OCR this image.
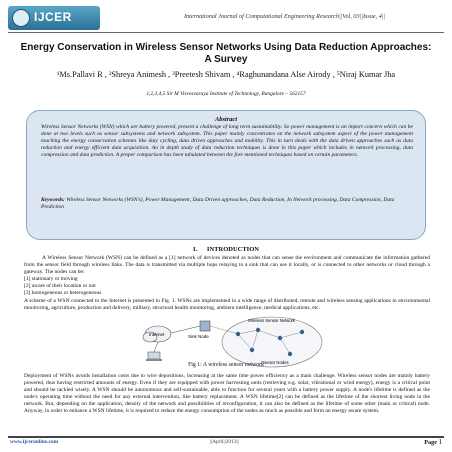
IJCER	International Journal of Computational Engineering Research||Vol, 03||Issue, 4||
Energy Conservation in Wireless Sensor Networks Using Data Reduction Approaches: A Survey
¹Ms.Pallavi R , ²Shreya Animesh , ³Preetesh Shivam , ⁴Raghunandana Alse Airody , ⁵Niraj Kumar Jha
1,2,3,4,5 Sir M Visvesvaraya Institute of Technology, Bangalore – 562157
Abstract
Wireless Sensor Networks (WSN) which are battery powered, present a challenge of long term sustainability. So power management is an import concern which can be done at two levels such as sensor subsystems and network subsystem. This paper mainly concentrates on the network subsystem aspect of the power management touching the energy conservation schemes like duty cycling, data driven approaches and mobility. This in turn deals with the data driven approaches such as data reduction and energy efficient data acquisition. An in depth study of data reduction techniques is done in this paper which includes in network processing, data compression and data prediction. A proper comparison has been tabulated between the fore mentioned techniques based on certain parameters.
Keywords: Wireless Sensor Networks (WSN's), Power Management, Data Driven approaches, Data Reduction, In Network processing, Data Compression, Data Prediction
I.      INTRODUCTION
A Wireless Sensor Network (WSN) can be defined as a [1] network of devices denoted as nodes that can sense the environment and communicate the information gathered from the sensor field through wireless links. The data is transmitted via multiple hops relaying to a sink that can use it locally, or is connected to other networks or cloud through a gateway. The nodes can be:
[1] stationary or moving
[2] aware of their location or not
[3] homogeneous or heterogeneous
A scheme of a WSN connected to the Internet is presented in Fig. 1. WSNs are implemented in a wide range of distributed, remote and wireless sensing applications in environmental monitoring, agriculture, production and delivery, military, structural health monitoring, ambient intelligence, medical applications, etc.
Internet	Sink Node
Wireless Sensor Network
Sensor Nodes
Fig 1: A wireless sensor network
Deployment of WSNs avoids installation costs due to wire depositions, increasing at the same time power efficiency as a main challenge. Wireless sensor nodes are mainly battery powered, thus having restricted amounts of energy. Even if they are equipped with power harvesting units (retrieving e.g. solar, vibrational or wind energy), energy is a critical point and should be tackled wisely. A WSN should be autonomous and self-sustainable, able to function for several years with a battery power supply. A node's lifetime is defined as the node's operating time without the need for any external intervention, like battery replacement. A WSN lifetime[2] can be defined as the lifetime of the shortest living node in the network. But, depending on the application, density of the network and possibilities of reconfiguration, it can also be defined as the lifetime of some other (main or critical) node. Anyway, in order to enhance a WSN lifetime, it is required to reduce the energy consumption of the nodes as much as possible and form an energy aware system.
www.ijceronline.com	||April||2013||	Page 1
